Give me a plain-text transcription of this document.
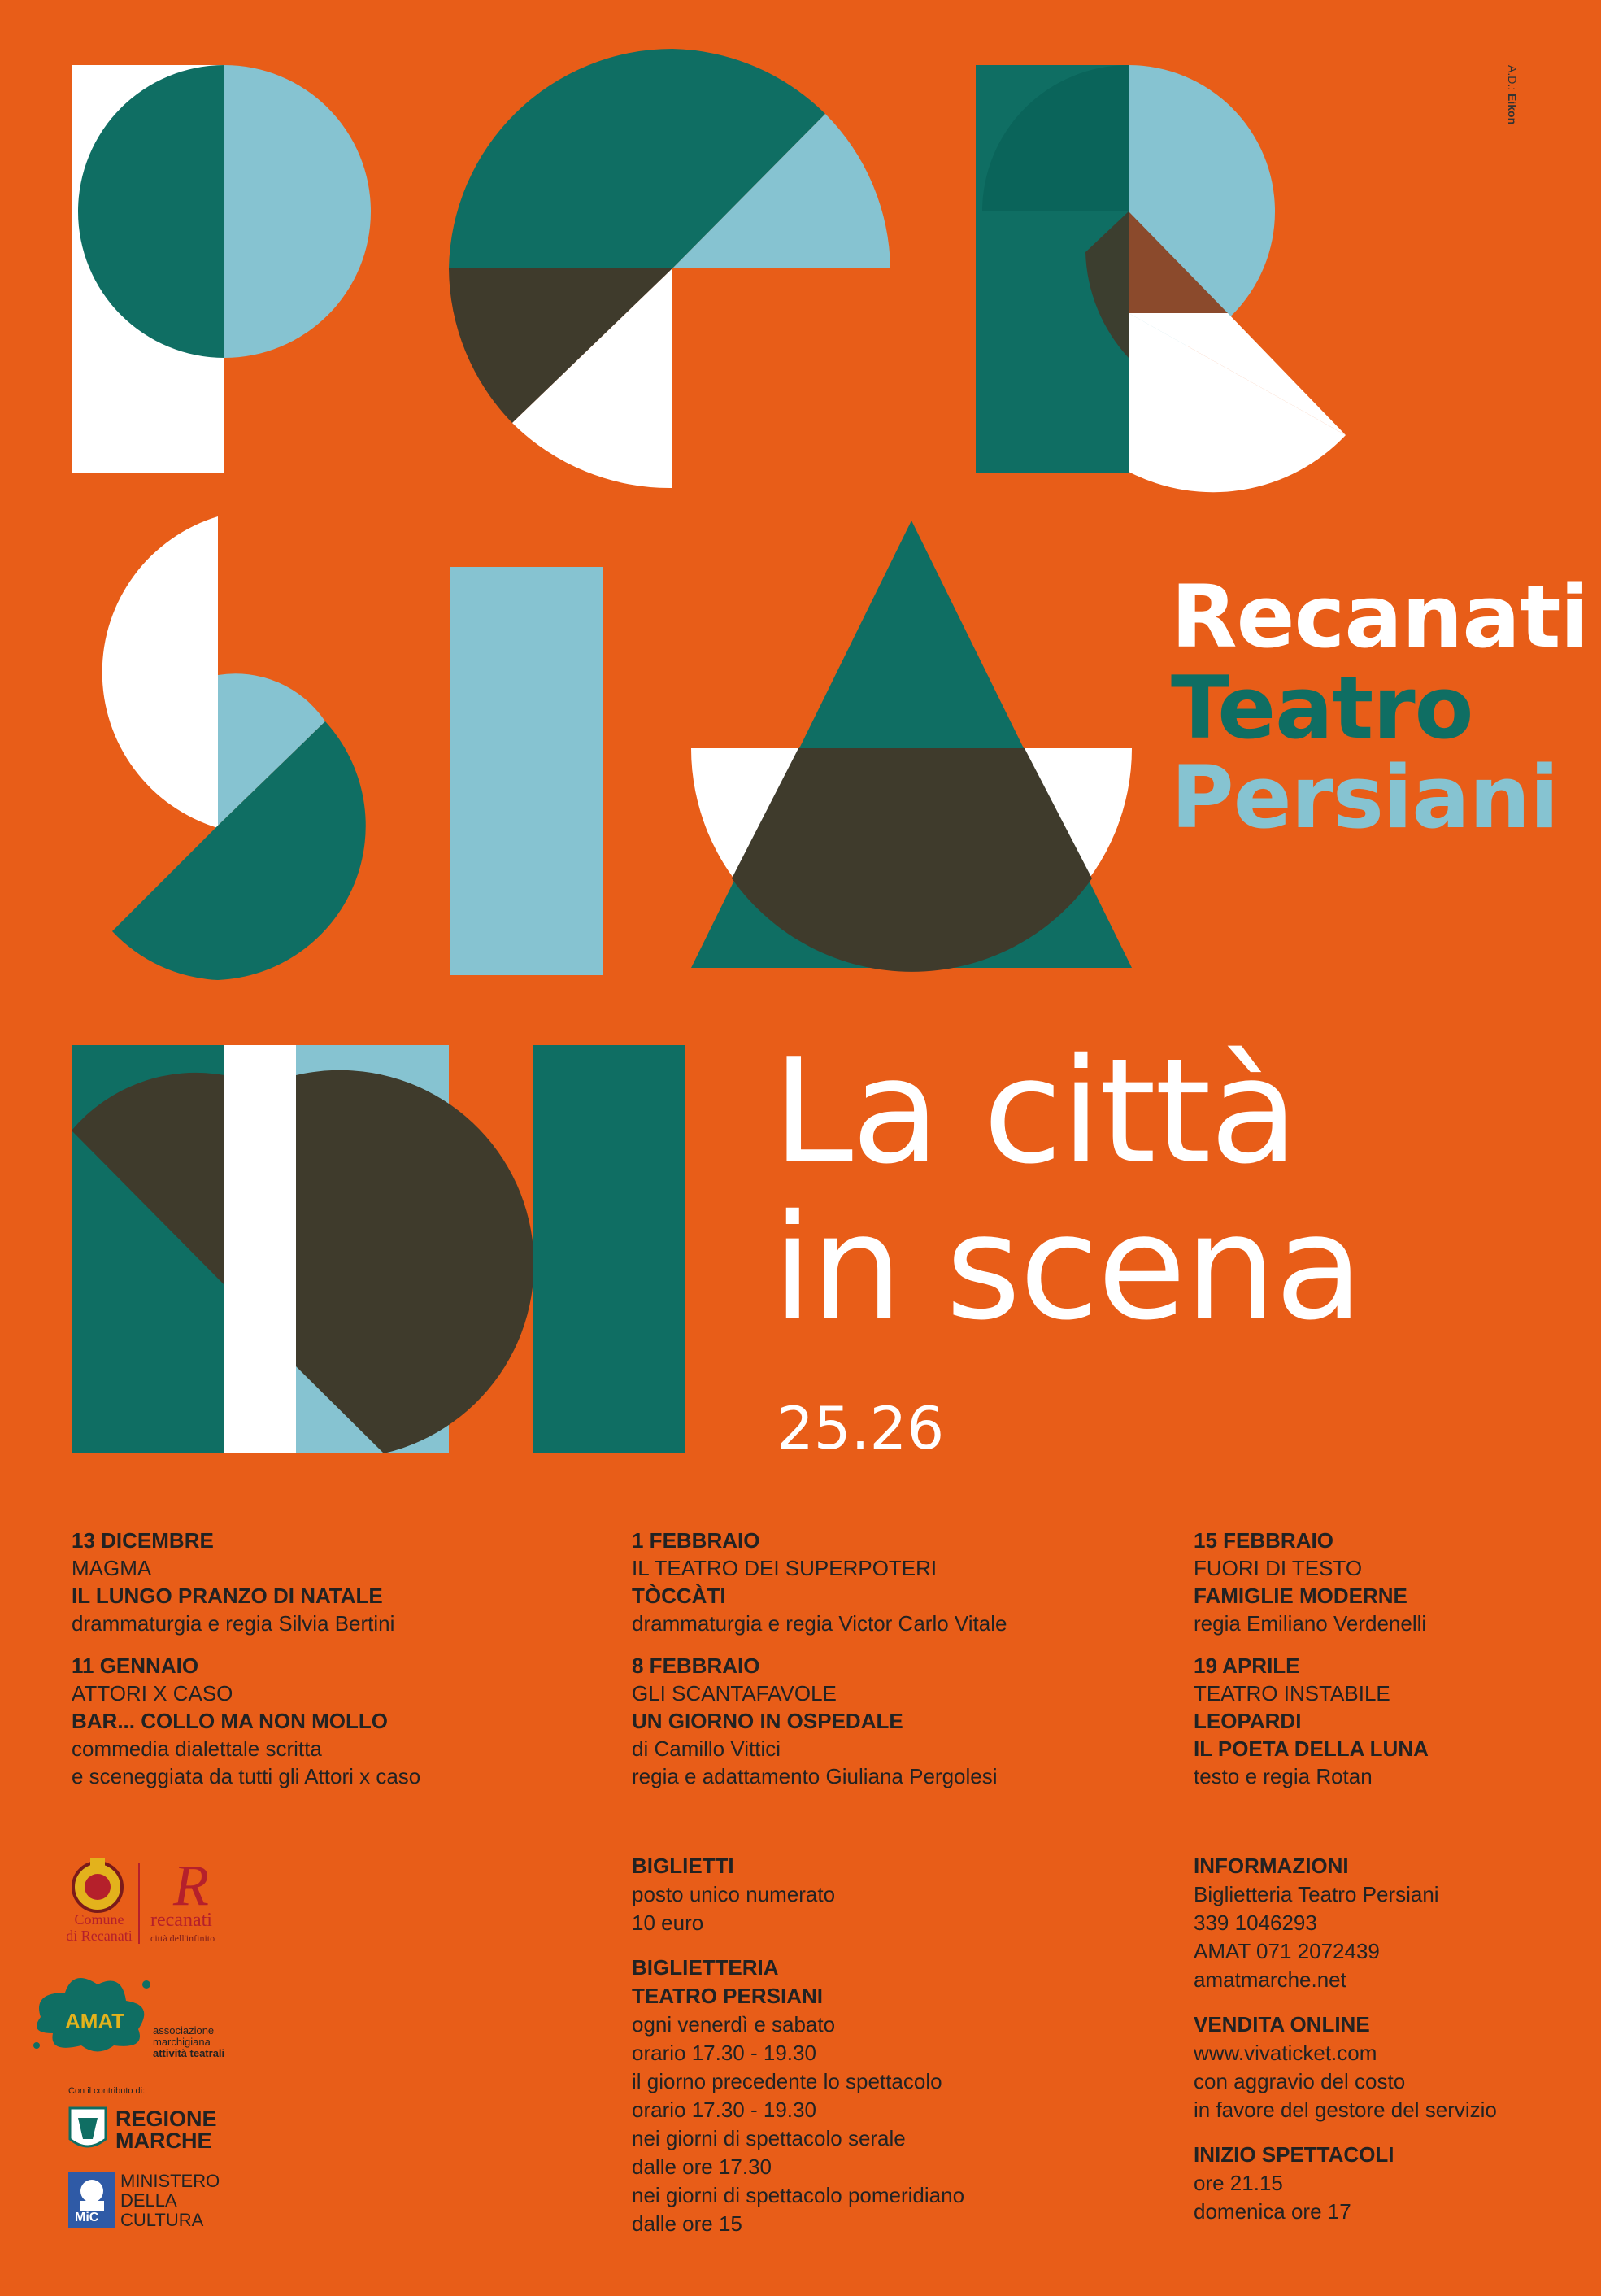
A.D.: Eikon
Recanati
Teatro
Persiani
La città
in scena
25.26
13 DICEMBRE
MAGMA
IL LUNGO PRANZO DI NATALE
drammaturgia e regia Silvia Bertini
11 GENNAIO
ATTORI X CASO
BAR... COLLO MA NON MOLLO
commedia dialettale scritta
e sceneggiata da tutti gli Attori x caso
1 FEBBRAIO
IL TEATRO DEI SUPERPOTERI
TÒCCÀTI
drammaturgia e regia Victor Carlo Vitale
8 FEBBRAIO
GLI SCANTAFAVOLE
UN GIORNO IN OSPEDALE
di Camillo Vittici
regia e adattamento Giuliana Pergolesi
15 FEBBRAIO
FUORI DI TESTO
FAMIGLIE MODERNE
regia Emiliano Verdenelli
19 APRILE
TEATRO INSTABILE
LEOPARDI
IL POETA DELLA LUNA
testo e regia Rotan
BIGLIETTI
posto unico numerato
10 euro
BIGLIETTERIA
TEATRO PERSIANI
ogni venerdì e sabato
orario 17.30 - 19.30
il giorno precedente lo spettacolo
orario 17.30 - 19.30
nei giorni di spettacolo serale
dalle ore 17.30
nei giorni di spettacolo pomeridiano
dalle ore 15
INFORMAZIONI
Biglietteria Teatro Persiani
339 1046293
AMAT 071 2072439
amatmarche.net
VENDITA ONLINE
www.vivaticket.com
con aggravio del costo
in favore del gestore del servizio
INIZIO SPETTACOLI
ore 21.15
domenica ore 17
Comune
di Recanati
R
recanati
città dell'infinito
AMAT	associazione
marchigiana
attività teatrali
Con il contributo di:
REGIONE
MARCHE
MiC
MINISTERO
DELLA
CULTURA
